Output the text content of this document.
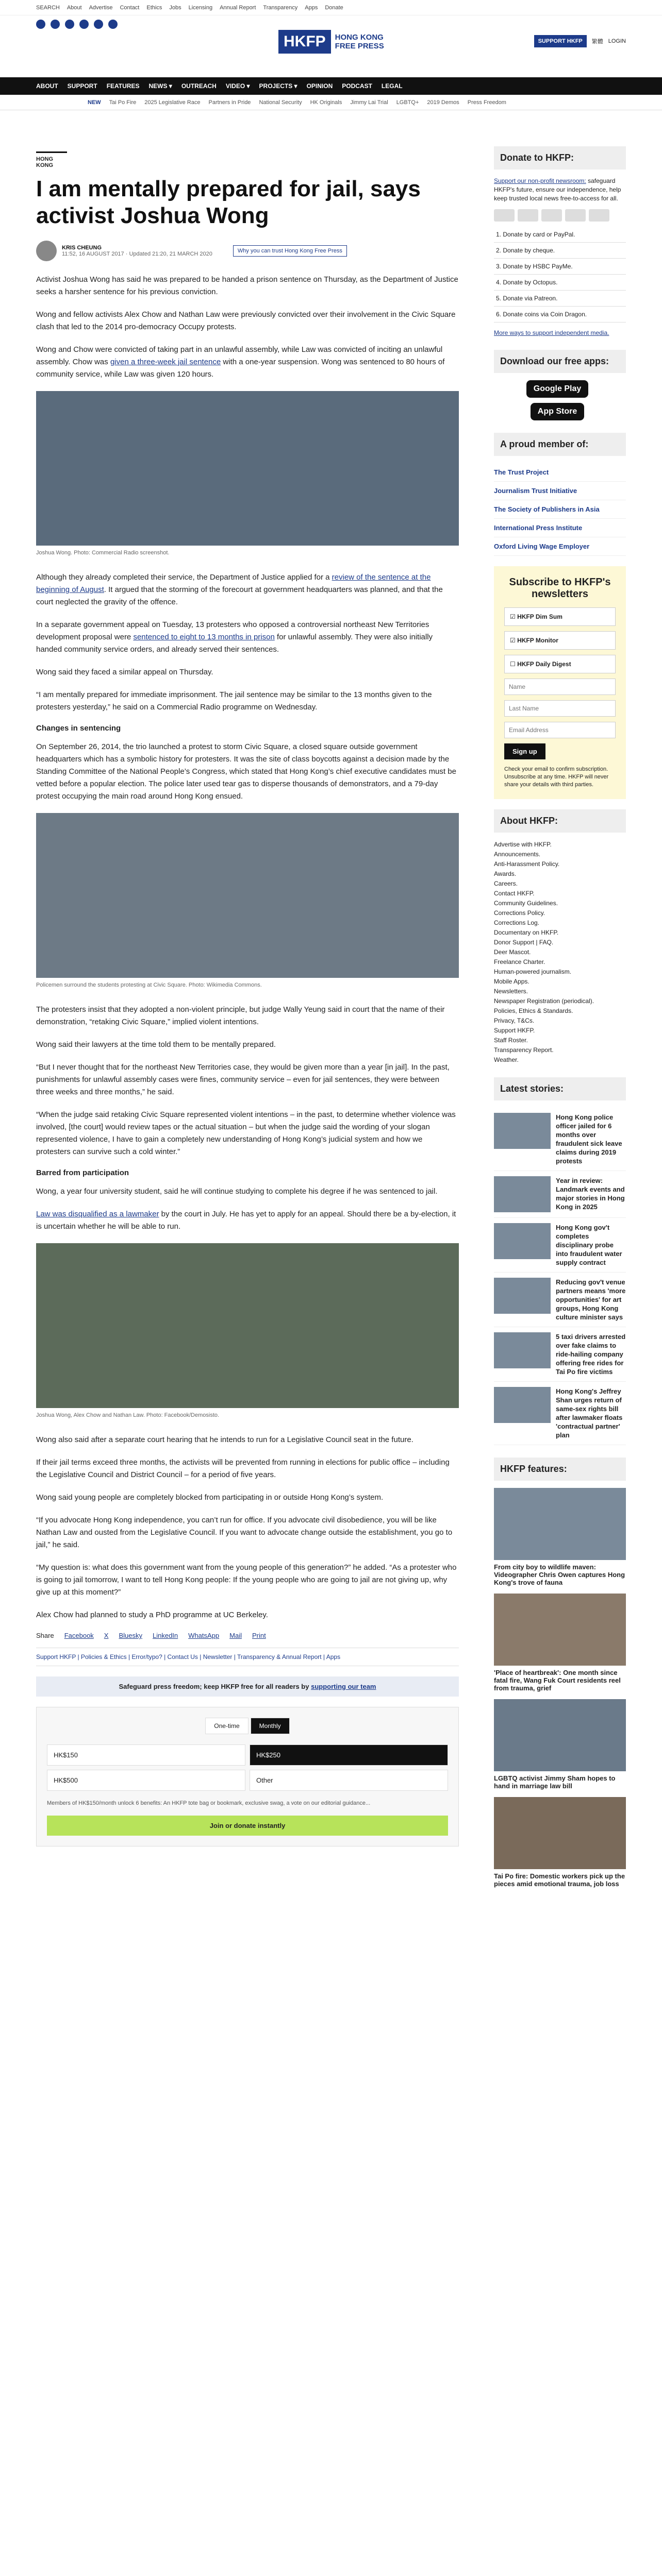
SEARCH About Advertise Contact Ethics Jobs Licensing Annual Report Transparency Apps Donate
HKFP	HONG KONG
FREE PRESS
SUPPORT HKFP	繁體 LOGIN
ABOUT SUPPORT FEATURES NEWS ▾ OUTREACH VIDEO ▾ PROJECTS ▾ OPINION PODCAST LEGAL
NEW Tai Po Fire 2025 Legislative Race Partners in Pride National Security HK Originals Jimmy Lai Trial LGBTQ+ 2019 Demos Press Freedom
HONG KONG
I am mentally prepared for jail, says activist Joshua Wong
KRIS CHEUNG
11:52, 16 AUGUST 2017 · Updated 21:20, 21 MARCH 2020	Why you can trust Hong Kong Free Press

Activist Joshua Wong has said he was prepared to be handed a prison sentence on Thursday, as the Department of Justice seeks a harsher sentence for his previous conviction.

Wong and fellow activists Alex Chow and Nathan Law were previously convicted over their involvement in the Civic Square clash that led to the 2014 pro-democracy Occupy protests.

Wong and Chow were convicted of taking part in an unlawful assembly, while Law was convicted of inciting an unlawful assembly. Chow was given a three-week jail sentence with a one-year suspension. Wong was sentenced to 80 hours of community service, while Law was given 120 hours.

Joshua Wong. Photo: Commercial Radio screenshot.

Although they already completed their service, the Department of Justice applied for a review of the sentence at the beginning of August. It argued that the storming of the forecourt at government headquarters was planned, and that the court neglected the gravity of the offence.

In a separate government appeal on Tuesday, 13 protesters who opposed a controversial northeast New Territories development proposal were sentenced to eight to 13 months in prison for unlawful assembly. They were also initially handed community service orders, and already served their sentences.

Wong said they faced a similar appeal on Thursday.

“I am mentally prepared for immediate imprisonment. The jail sentence may be similar to the 13 months given to the protesters yesterday,” he said on a Commercial Radio programme on Wednesday.

Changes in sentencing

On September 26, 2014, the trio launched a protest to storm Civic Square, a closed square outside government headquarters which has a symbolic history for protesters. It was the site of class boycotts against a decision made by the Standing Committee of the National People’s Congress, which stated that Hong Kong’s chief executive candidates must be vetted before a popular election. The police later used tear gas to disperse thousands of demonstrators, and a 79-day protest occupying the main road around Hong Kong ensued.

Policemen surround the students protesting at Civic Square. Photo: Wikimedia Commons.

The protesters insist that they adopted a non-violent principle, but judge Wally Yeung said in court that the name of their demonstration, “retaking Civic Square,” implied violent intentions.

Wong said their lawyers at the time told them to be mentally prepared.

“But I never thought that for the northeast New Territories case, they would be given more than a year [in jail]. In the past, punishments for unlawful assembly cases were fines, community service – even for jail sentences, they were between three weeks and three months,” he said.

“When the judge said retaking Civic Square represented violent intentions – in the past, to determine whether violence was involved, [the court] would review tapes or the actual situation – but when the judge said the wording of your slogan represented violence, I have to gain a completely new understanding of Hong Kong’s judicial system and how we protesters can survive such a cold winter.”

Barred from participation

Wong, a year four university student, said he will continue studying to complete his degree if he was sentenced to jail.

Law was disqualified as a lawmaker by the court in July. He has yet to apply for an appeal. Should there be a by-election, it is uncertain whether he will be able to run.

Joshua Wong, Alex Chow and Nathan Law. Photo: Facebook/Demosisto.

Wong also said after a separate court hearing that he intends to run for a Legislative Council seat in the future.

If their jail terms exceed three months, the activists will be prevented from running in elections for public office – including the Legislative Council and District Council – for a period of five years.

Wong said young people are completely blocked from participating in or outside Hong Kong’s system.

“If you advocate Hong Kong independence, you can’t run for office. If you advocate civil disobedience, you will be like Nathan Law and ousted from the Legislative Council. If you want to advocate change outside the establishment, you go to jail,” he said.

“My question is: what does this government want from the young people of this generation?” he added. “As a protester who is going to jail tomorrow, I want to tell Hong Kong people: If the young people who are going to jail are not giving up, why give up at this moment?”

Alex Chow had planned to study a PhD programme at UC Berkeley.

Share Facebook X Bluesky LinkedIn WhatsApp Mail Print
Support HKFP | Policies & Ethics | Error/typo? | Contact Us | Newsletter | Transparency & Annual Report | Apps
Safeguard press freedom; keep HKFP free for all readers by supporting our team
One-time	Monthly
HK$150	HK$250
HK$500	Other
Members of HK$150/month unlock 6 benefits: An HKFP tote bag or bookmark, exclusive swag, a vote on our editorial guidance...
Join or donate instantly
Donate to HKFP:
Support our non-profit newsroom: safeguard HKFP's future, ensure our independence, help keep trusted local news free-to-access for all.
1. Donate by card or PayPal.
2. Donate by cheque.
3. Donate by HSBC PayMe.
4. Donate by Octopus.
5. Donate via Patreon.
6. Donate coins via Coin Dragon.
More ways to support independent media.
Download our free apps:
Google Play
App Store
A proud member of:
The Trust Project
Journalism Trust Initiative
The Society of Publishers in Asia
International Press Institute
Oxford Living Wage Employer
Subscribe to HKFP's newsletters
☑ HKFP Dim Sum
☑ HKFP Monitor
☐ HKFP Daily Digest
Name Last Name Email Address Sign up
Check your email to confirm subscription. Unsubscribe at any time. HKFP will never share your details with third parties.
About HKFP:
Advertise with HKFP.
Announcements.
Anti-Harassment Policy.
Awards.
Careers.
Contact HKFP.
Community Guidelines.
Corrections Policy.
Corrections Log.
Documentary on HKFP.
Donor Support | FAQ.
Deer Mascot.
Freelance Charter.
Human-powered journalism.
Mobile Apps.
Newsletters.
Newspaper Registration (periodical).
Policies, Ethics & Standards.
Privacy, T&Cs.
Support HKFP.
Staff Roster.
Transparency Report.
Weather.
Latest stories:
Hong Kong police officer jailed for 6 months over fraudulent sick leave claims during 2019 protests
Year in review: Landmark events and major stories in Hong Kong in 2025
Hong Kong gov't completes disciplinary probe into fraudulent water supply contract
Reducing gov't venue partners means 'more opportunities' for art groups, Hong Kong culture minister says
5 taxi drivers arrested over fake claims to ride-hailing company offering free rides for Tai Po fire victims
Hong Kong's Jeffrey Shan urges return of same-sex rights bill after lawmaker floats 'contractual partner' plan
HKFP features:
From city boy to wildlife maven: Videographer Chris Owen captures Hong Kong's trove of fauna
'Place of heartbreak': One month since fatal fire, Wang Fuk Court residents reel from trauma, grief
LGBTQ activist Jimmy Sham hopes to hand in marriage law bill
Tai Po fire: Domestic workers pick up the pieces amid emotional trauma, job loss
